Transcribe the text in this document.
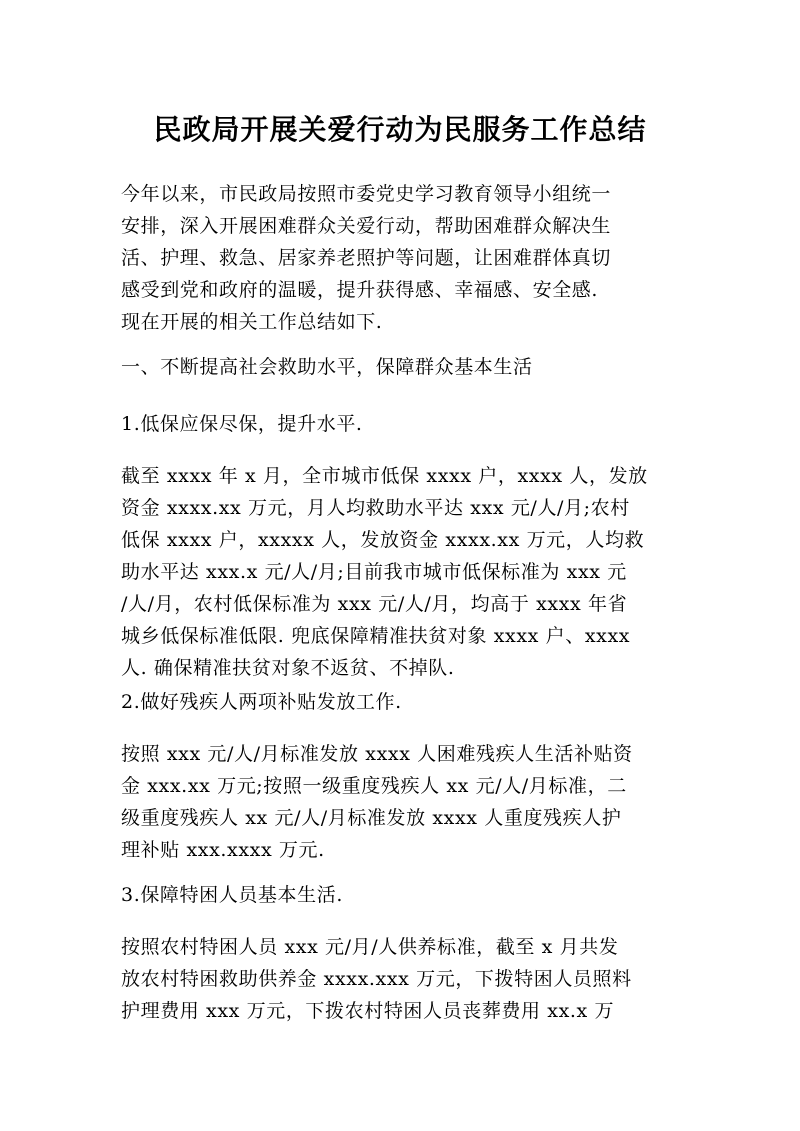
民政局开展关爱行动为民服务工作总结
今年以来，市民政局按照市委党史学习教育领导小组统一
安排，深入开展困难群众关爱行动，帮助困难群众解决生
活、护理、救急、居家养老照护等问题，让困难群体真切
感受到党和政府的温暖，提升获得感、幸福感、安全感.
现在开展的相关工作总结如下.
一、不断提高社会救助水平，保障群众基本生活
1.低保应保尽保，提升水平.
截至 xxxx 年 x 月，全市城市低保 xxxx 户，xxxx 人，发放
资金 xxxx.xx 万元，月人均救助水平达 xxx 元/人/月;农村
低保 xxxx 户，xxxxx 人，发放资金 xxxx.xx 万元，人均救
助水平达 xxx.x 元/人/月;目前我市城市低保标准为 xxx 元
/人/月，农村低保标准为 xxx 元/人/月，均高于 xxxx 年省
城乡低保标准低限. 兜底保障精准扶贫对象 xxxx 户、xxxx
人. 确保精准扶贫对象不返贫、不掉队.
2.做好残疾人两项补贴发放工作.
按照 xxx 元/人/月标准发放 xxxx 人困难残疾人生活补贴资
金 xxx.xx 万元;按照一级重度残疾人 xx 元/人/月标准，二
级重度残疾人 xx 元/人/月标准发放 xxxx 人重度残疾人护
理补贴 xxx.xxxx 万元.
3.保障特困人员基本生活.
按照农村特困人员 xxx 元/月/人供养标准，截至 x 月共发
放农村特困救助供养金 xxxx.xxx 万元，下拨特困人员照料
护理费用 xxx 万元，下拨农村特困人员丧葬费用 xx.x 万
